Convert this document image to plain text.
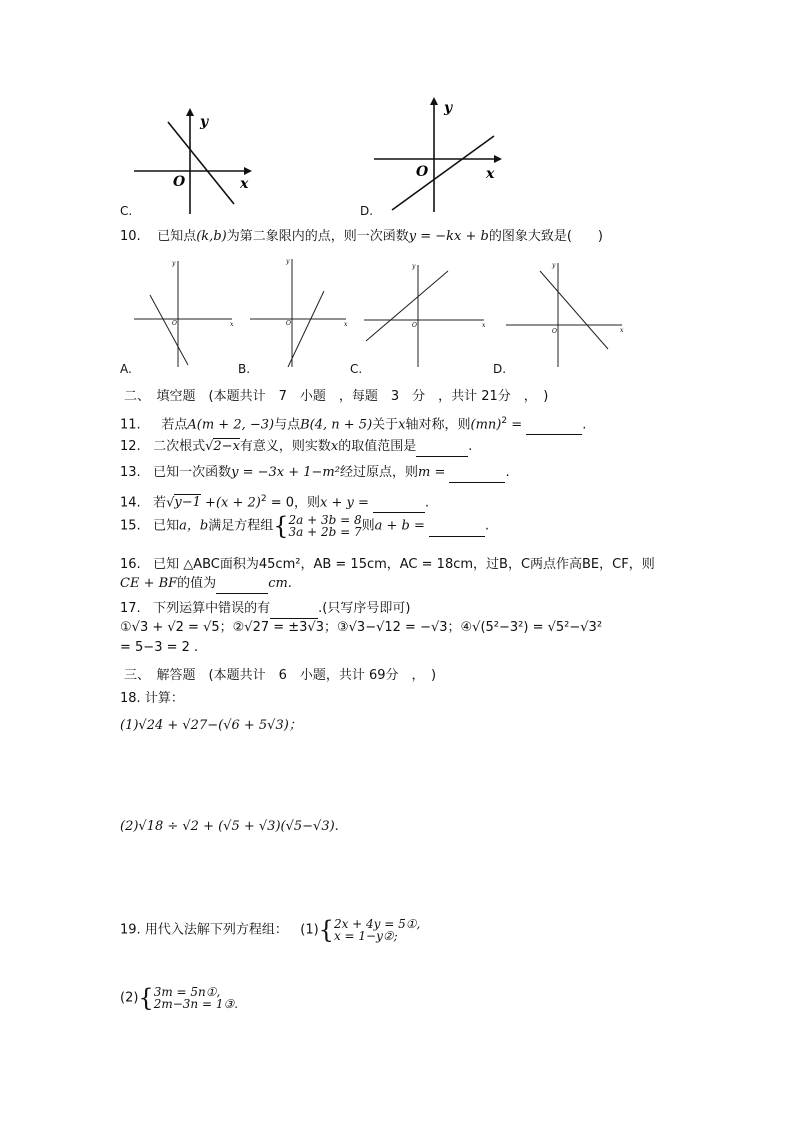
y
x
O
C.
y
x
O
D.
10. 已知点(k,b)为第二象限内的点，则一次函数y = −kx + b的图象大致是(　　)
y
x
O
y
x
O
y
x
O
y
x
O
A.	B.	C.	D.
二、　填空题　(本题共计　7　小题　，每题　3　分　，共计 21分　，　)
11. 若点A(m + 2, −3)与点B(4, n + 5)关于x轴对称，则(mn)$^2$ =	.
12. 二次根式√2−x有意义，则实数x的取值范围是	.
13. 已知一次函数y = −3x + 1−m²经过原点，则m =	.
14. 若$√y-1 +(x + 2)^2 = 0$，则x + y =	.
15. 已知a，b满足方程组{2a + 3b = 8
3a + 2b = 7则a + b =	.
16. 已知 △ABC面积为45cm²，AB = 15cm，AC = 18cm，过B，C两点作高BE，CF，则
CE + BF的值为	cm.
17. 下列运算中错误的有	.(只写序号即可)
①√3 + √2 = √5；②√27 = ±3√3；③√3−√12 = −√3；④√(5²−3²) = √5²−√3²
= 5−3 = 2 .
三、　解答题　(本题共计　6　小题，共计 69分　，　)
18. 计算：
(1)√24 + √27−(√6 + 5√3)；
(2)√18 ÷ √2 + (√5 + √3)(√5−√3).
19. 用代入法解下列方程组： (1){2x + 4y = 5①,
x = 1−y②;
(2){3m = 5n①,
2m−3n = 1③.
